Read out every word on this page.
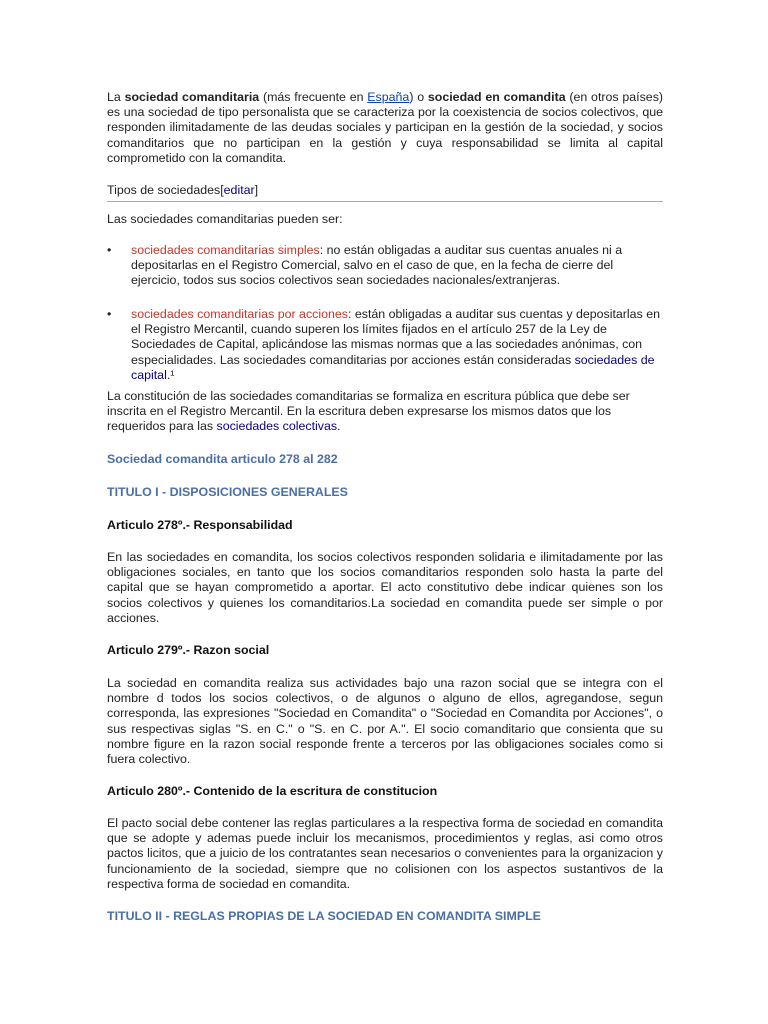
La sociedad comanditaria (más frecuente en España) o sociedad en comandita (en otros países) es una sociedad de tipo personalista que se caracteriza por la coexistencia de socios colectivos, que responden ilimitadamente de las deudas sociales y participan en la gestión de la sociedad, y socios comanditarios que no participan en la gestión y cuya responsabilidad se limita al capital comprometido con la comandita.

Tipos de sociedades[editar]

Las sociedades comanditarias pueden ser:

• sociedades comanditarias simples: no están obligadas a auditar sus cuentas anuales ni a depositarlas en el Registro Comercial, salvo en el caso de que, en la fecha de cierre del ejercicio, todos sus socios colectivos sean sociedades nacionales/extranjeras.

• sociedades comanditarias por acciones: están obligadas a auditar sus cuentas y depositarlas en el Registro Mercantil, cuando superen los límites fijados en el artículo 257 de la Ley de Sociedades de Capital, aplicándose las mismas normas que a las sociedades anónimas, con especialidades. Las sociedades comanditarias por acciones están consideradas sociedades de capital.¹

La constitución de las sociedades comanditarias se formaliza en escritura pública que debe ser inscrita en el Registro Mercantil. En la escritura deben expresarse los mismos datos que los requeridos para las sociedades colectivas.

Sociedad comandita articulo 278 al 282
TITULO I - DISPOSICIONES GENERALES
Articulo 278º.- Responsabilidad

En las sociedades en comandita, los socios colectivos responden solidaria e ilimitadamente por las obligaciones sociales, en tanto que los socios comanditarios responden solo hasta la parte del capital que se hayan comprometido a aportar. El acto constitutivo debe indicar quienes son los socios colectivos y quienes los comanditarios.La sociedad en comandita puede ser simple o por acciones.

Articulo 279º.- Razon social

La sociedad en comandita realiza sus actividades bajo una razon social que se integra con el nombre d todos los socios colectivos, o de algunos o alguno de ellos, agregandose, segun corresponda, las expresiones "Sociedad en Comandita" o "Sociedad en Comandita por Acciones", o sus respectivas siglas "S. en C." o "S. en C. por A.". El socio comanditario que consienta que su nombre figure en la razon social responde frente a terceros por las obligaciones sociales como si fuera colectivo.

Articulo 280º.- Contenido de la escritura de constitucion

El pacto social debe contener las reglas particulares a la respectiva forma de sociedad en comandita que se adopte y ademas puede incluir los mecanismos, procedimientos y reglas, asi como otros pactos licitos, que a juicio de los contratantes sean necesarios o convenientes para la organizacion y funcionamiento de la sociedad, siempre que no colisionen con los aspectos sustantivos de la respectiva forma de sociedad en comandita.

TITULO II - REGLAS PROPIAS DE LA SOCIEDAD EN COMANDITA SIMPLE
